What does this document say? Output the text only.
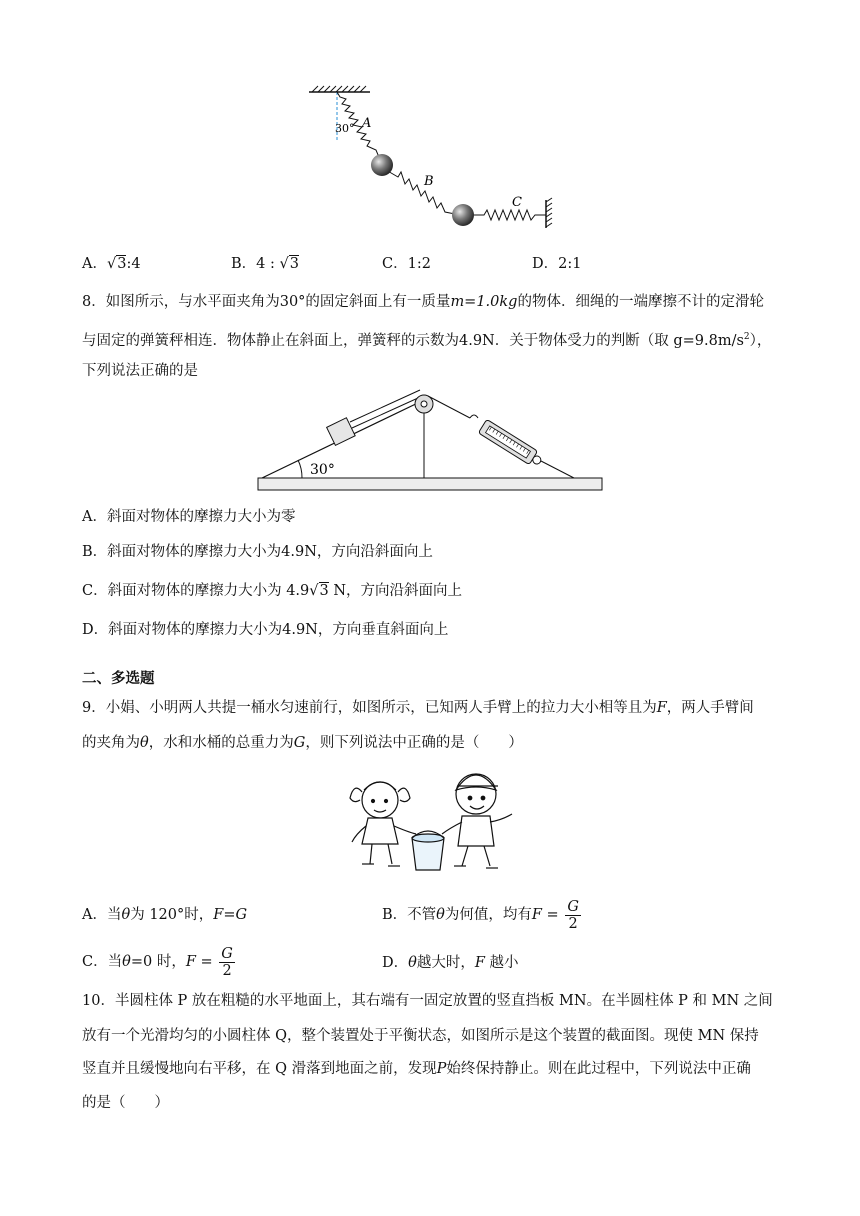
30° A
B
C
A．√3:4	B．4 : √3	C．1:2	D．2:1
8．如图所示，与水平面夹角为30°的固定斜面上有一质量m=1.0kg的物体．细绳的一端摩擦不计的定滑轮
与固定的弹簧秤相连．物体静止在斜面上，弹簧秤的示数为4.9N．关于物体受力的判断（取 $g=9.8m/s^2$），
下列说法正确的是
30°
A．斜面对物体的摩擦力大小为零
B．斜面对物体的摩擦力大小为4.9N，方向沿斜面向上
C．斜面对物体的摩擦力大小为 4.9√3 N，方向沿斜面向上
D．斜面对物体的摩擦力大小为4.9N，方向垂直斜面向上
二、多选题
9．小娟、小明两人共提一桶水匀速前行，如图所示，已知两人手臂上的拉力大小相等且为F，两人手臂间
的夹角为θ，水和水桶的总重力为G，则下列说法中正确的是（　　）
A．当θ为 120°时，F=G	B．不管θ为何值，均有$F = \frac{G}{2}$
C．当θ=0 时，$F = \frac{G}{2}$	D．θ越大时，F 越小
10．半圆柱体 P 放在粗糙的水平地面上，其右端有一固定放置的竖直挡板 MN。在半圆柱体 P 和 MN 之间
放有一个光滑均匀的小圆柱体 Q，整个装置处于平衡状态，如图所示是这个装置的截面图。现使 MN 保持
竖直并且缓慢地向右平移，在 Q 滑落到地面之前，发现P始终保持静止。则在此过程中，下列说法中正确
的是（　　）
